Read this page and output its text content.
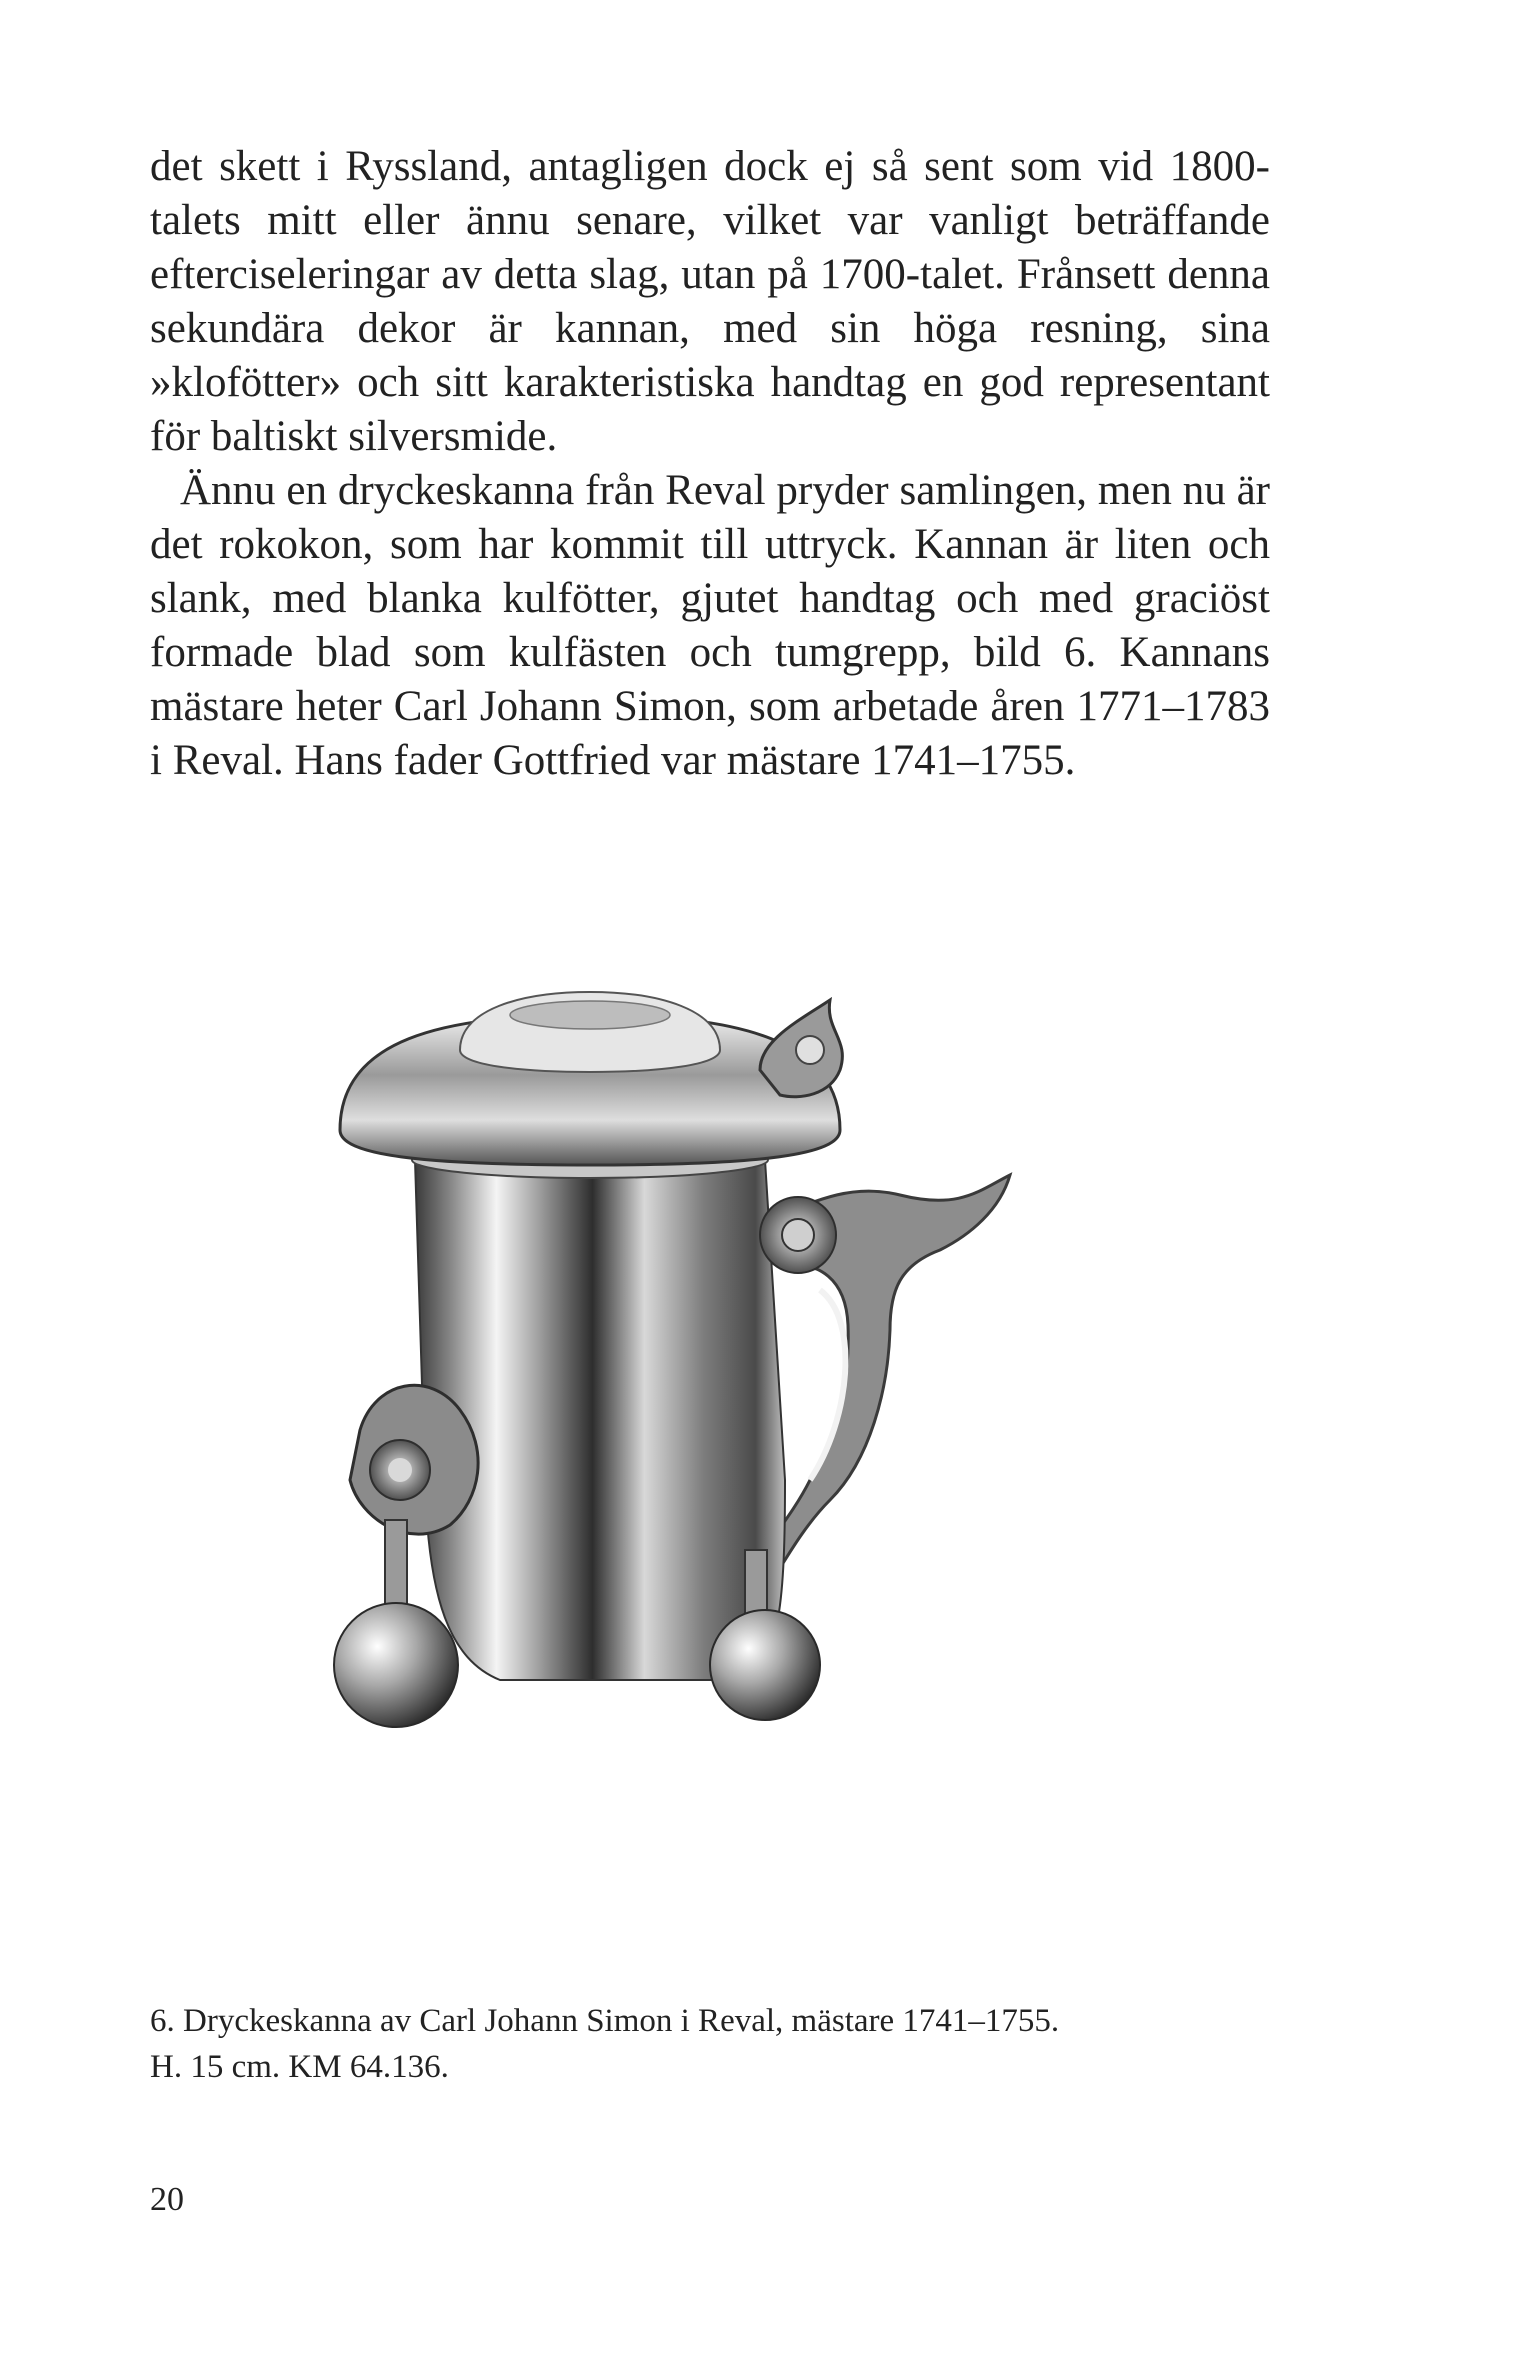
det skett i Ryssland, antagligen dock ej så sent som vid 1800-talets mitt eller ännu senare, vilket var vanligt beträffande efterciseleringar av detta slag, utan på 1700-talet. Frånsett denna sekundära dekor är kannan, med sin höga resning, sina »klofötter» och sitt karakteristiska handtag en god representant för baltiskt silversmide.

Ännu en dryckeskanna från Reval pryder samlingen, men nu är det rokokon, som har kommit till uttryck. Kannan är liten och slank, med blanka kulfötter, gjutet handtag och med graciöst formade blad som kulfästen och tumgrepp, bild 6. Kannans mästare heter Carl Johann Simon, som arbetade åren 1771–1783 i Reval. Hans fader Gottfried var mästare 1741–1755.

6. Dryckeskanna av Carl Johann Simon i Reval, mästare 1741–1755.

H. 15 cm. KM 64.136.

20
